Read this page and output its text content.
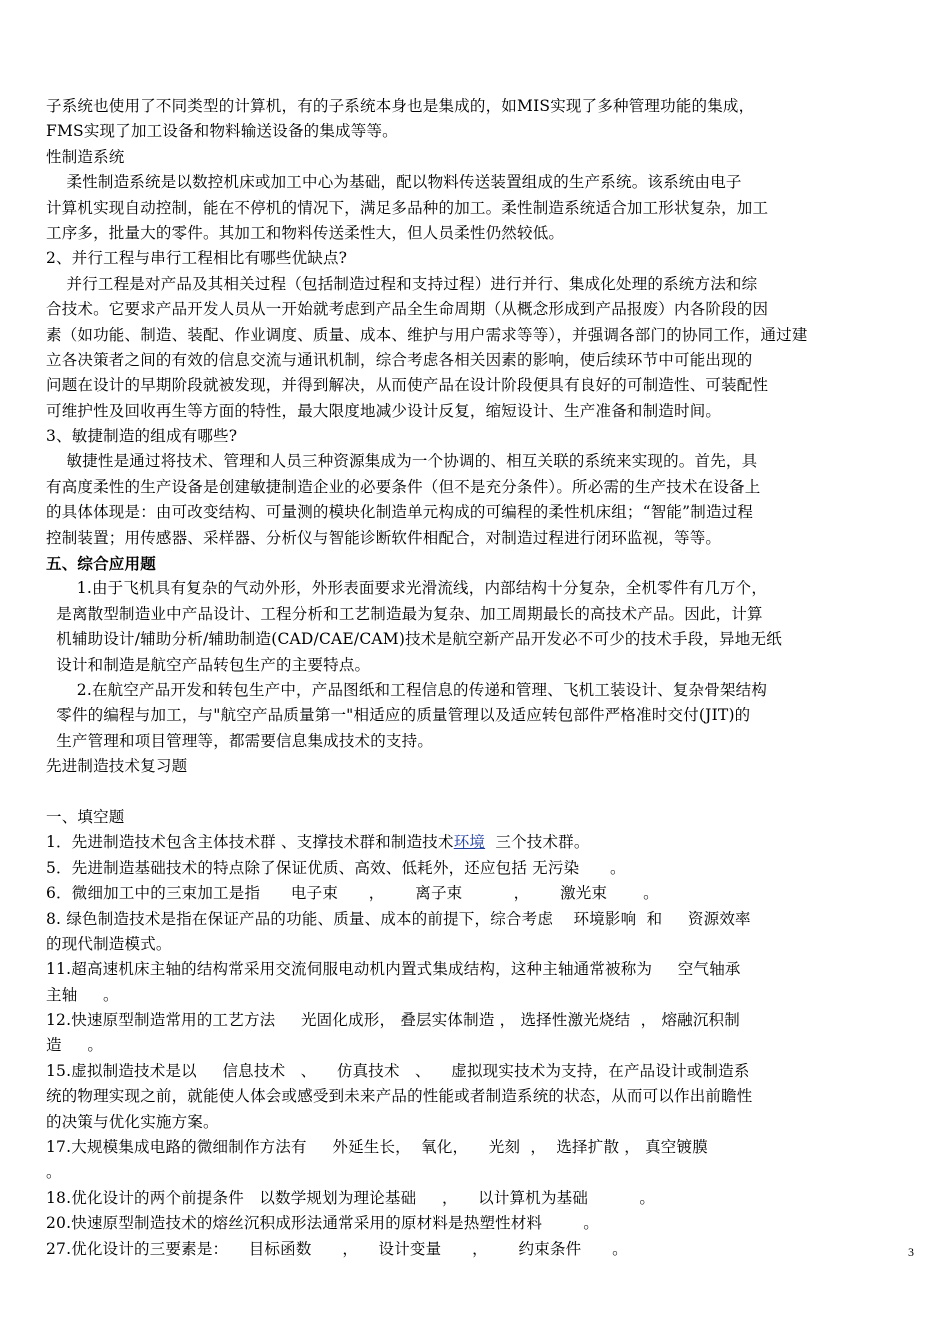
子系统也使用了不同类型的计算机，有的子系统本身也是集成的，如MIS实现了多种管理功能的集成，
FMS实现了加工设备和物料输送设备的集成等等。
性制造系统
柔性制造系统是以数控机床或加工中心为基础，配以物料传送装置组成的生产系统。该系统由电子
计算机实现自动控制，能在不停机的情况下，满足多品种的加工。柔性制造系统适合加工形状复杂，加工
工序多，批量大的零件。其加工和物料传送柔性大，但人员柔性仍然较低。
2、并行工程与串行工程相比有哪些优缺点?
并行工程是对产品及其相关过程（包括制造过程和支持过程）进行并行、集成化处理的系统方法和综
合技术。它要求产品开发人员从一开始就考虑到产品全生命周期（从概念形成到产品报废）内各阶段的因
素（如功能、制造、装配、作业调度、质量、成本、维护与用户需求等等），并强调各部门的协同工作，通过建
立各决策者之间的有效的信息交流与通讯机制，综合考虑各相关因素的影响，使后续环节中可能出现的
问题在设计的早期阶段就被发现，并得到解决，从而使产品在设计阶段便具有良好的可制造性、可装配性
可维护性及回收再生等方面的特性，最大限度地减少设计反复，缩短设计、生产准备和制造时间。
3、敏捷制造的组成有哪些?
敏捷性是通过将技术、管理和人员三种资源集成为一个协调的、相互关联的系统来实现的。首先，具
有高度柔性的生产设备是创建敏捷制造企业的必要条件（但不是充分条件）。所必需的生产技术在设备上
的具体体现是：由可改变结构、可量测的模块化制造单元构成的可编程的柔性机床组；“智能”制造过程
控制装置；用传感器、采样器、分析仪与智能诊断软件相配合，对制造过程进行闭环监视，等等。
五、综合应用题
1.由于飞机具有复杂的气动外形，外形表面要求光滑流线，内部结构十分复杂，全机零件有几万个，
是离散型制造业中产品设计、工程分析和工艺制造最为复杂、加工周期最长的高技术产品。因此，计算
机辅助设计/辅助分析/辅助制造(CAD/CAE/CAM)技术是航空新产品开发必不可少的技术手段，异地无纸
设计和制造是航空产品转包生产的主要特点。
2.在航空产品开发和转包生产中，产品图纸和工程信息的传递和管理、飞机工装设计、复杂骨架结构
零件的编程与加工，与"航空产品质量第一"相适应的质量管理以及适应转包部件严格准时交付(JIT)的
生产管理和项目管理等，都需要信息集成技术的支持。
先进制造技术复习题
一、填空题
1．先进制造技术包含主体技术群 、支撑技术群和制造技术环境  三个技术群。
5．先进制造基础技术的特点除了保证优质、高效、低耗外，还应包括 无污染      。
6．微细加工中的三束加工是指      电子束      ，      离子束          ，      激光束       。
8. 绿色制造技术是指在保证产品的功能、质量、成本的前提下，综合考虑    环境影响  和     资源效率
的现代制造模式。
11.超高速机床主轴的结构常采用交流伺服电动机内置式集成结构，这种主轴通常被称为     空气轴承
主轴     。
12.快速原型制造常用的工艺方法     光固化成形， 叠层实体制造 ， 选择性激光烧结  ， 熔融沉积制
造     。
15.虚拟制造技术是以     信息技术   、    仿真技术   、    虚拟现实技术为支持，在产品设计或制造系
统的物理实现之前，就能使人体会或感受到未来产品的性能或者制造系统的状态，从而可以作出前瞻性
的决策与优化实施方案。
17.大规模集成电路的微细制作方法有     外延生长，  氧化，    光刻  ，  选择扩散 ， 真空镀膜
。
18.优化设计的两个前提条件   以数学规划为理论基础     ，    以计算机为基础          。
20.快速原型制造技术的熔丝沉积成形法通常采用的原材料是热塑性材料        。
27.优化设计的三要素是：    目标函数      ，    设计变量      ，      约束条件      。	3
